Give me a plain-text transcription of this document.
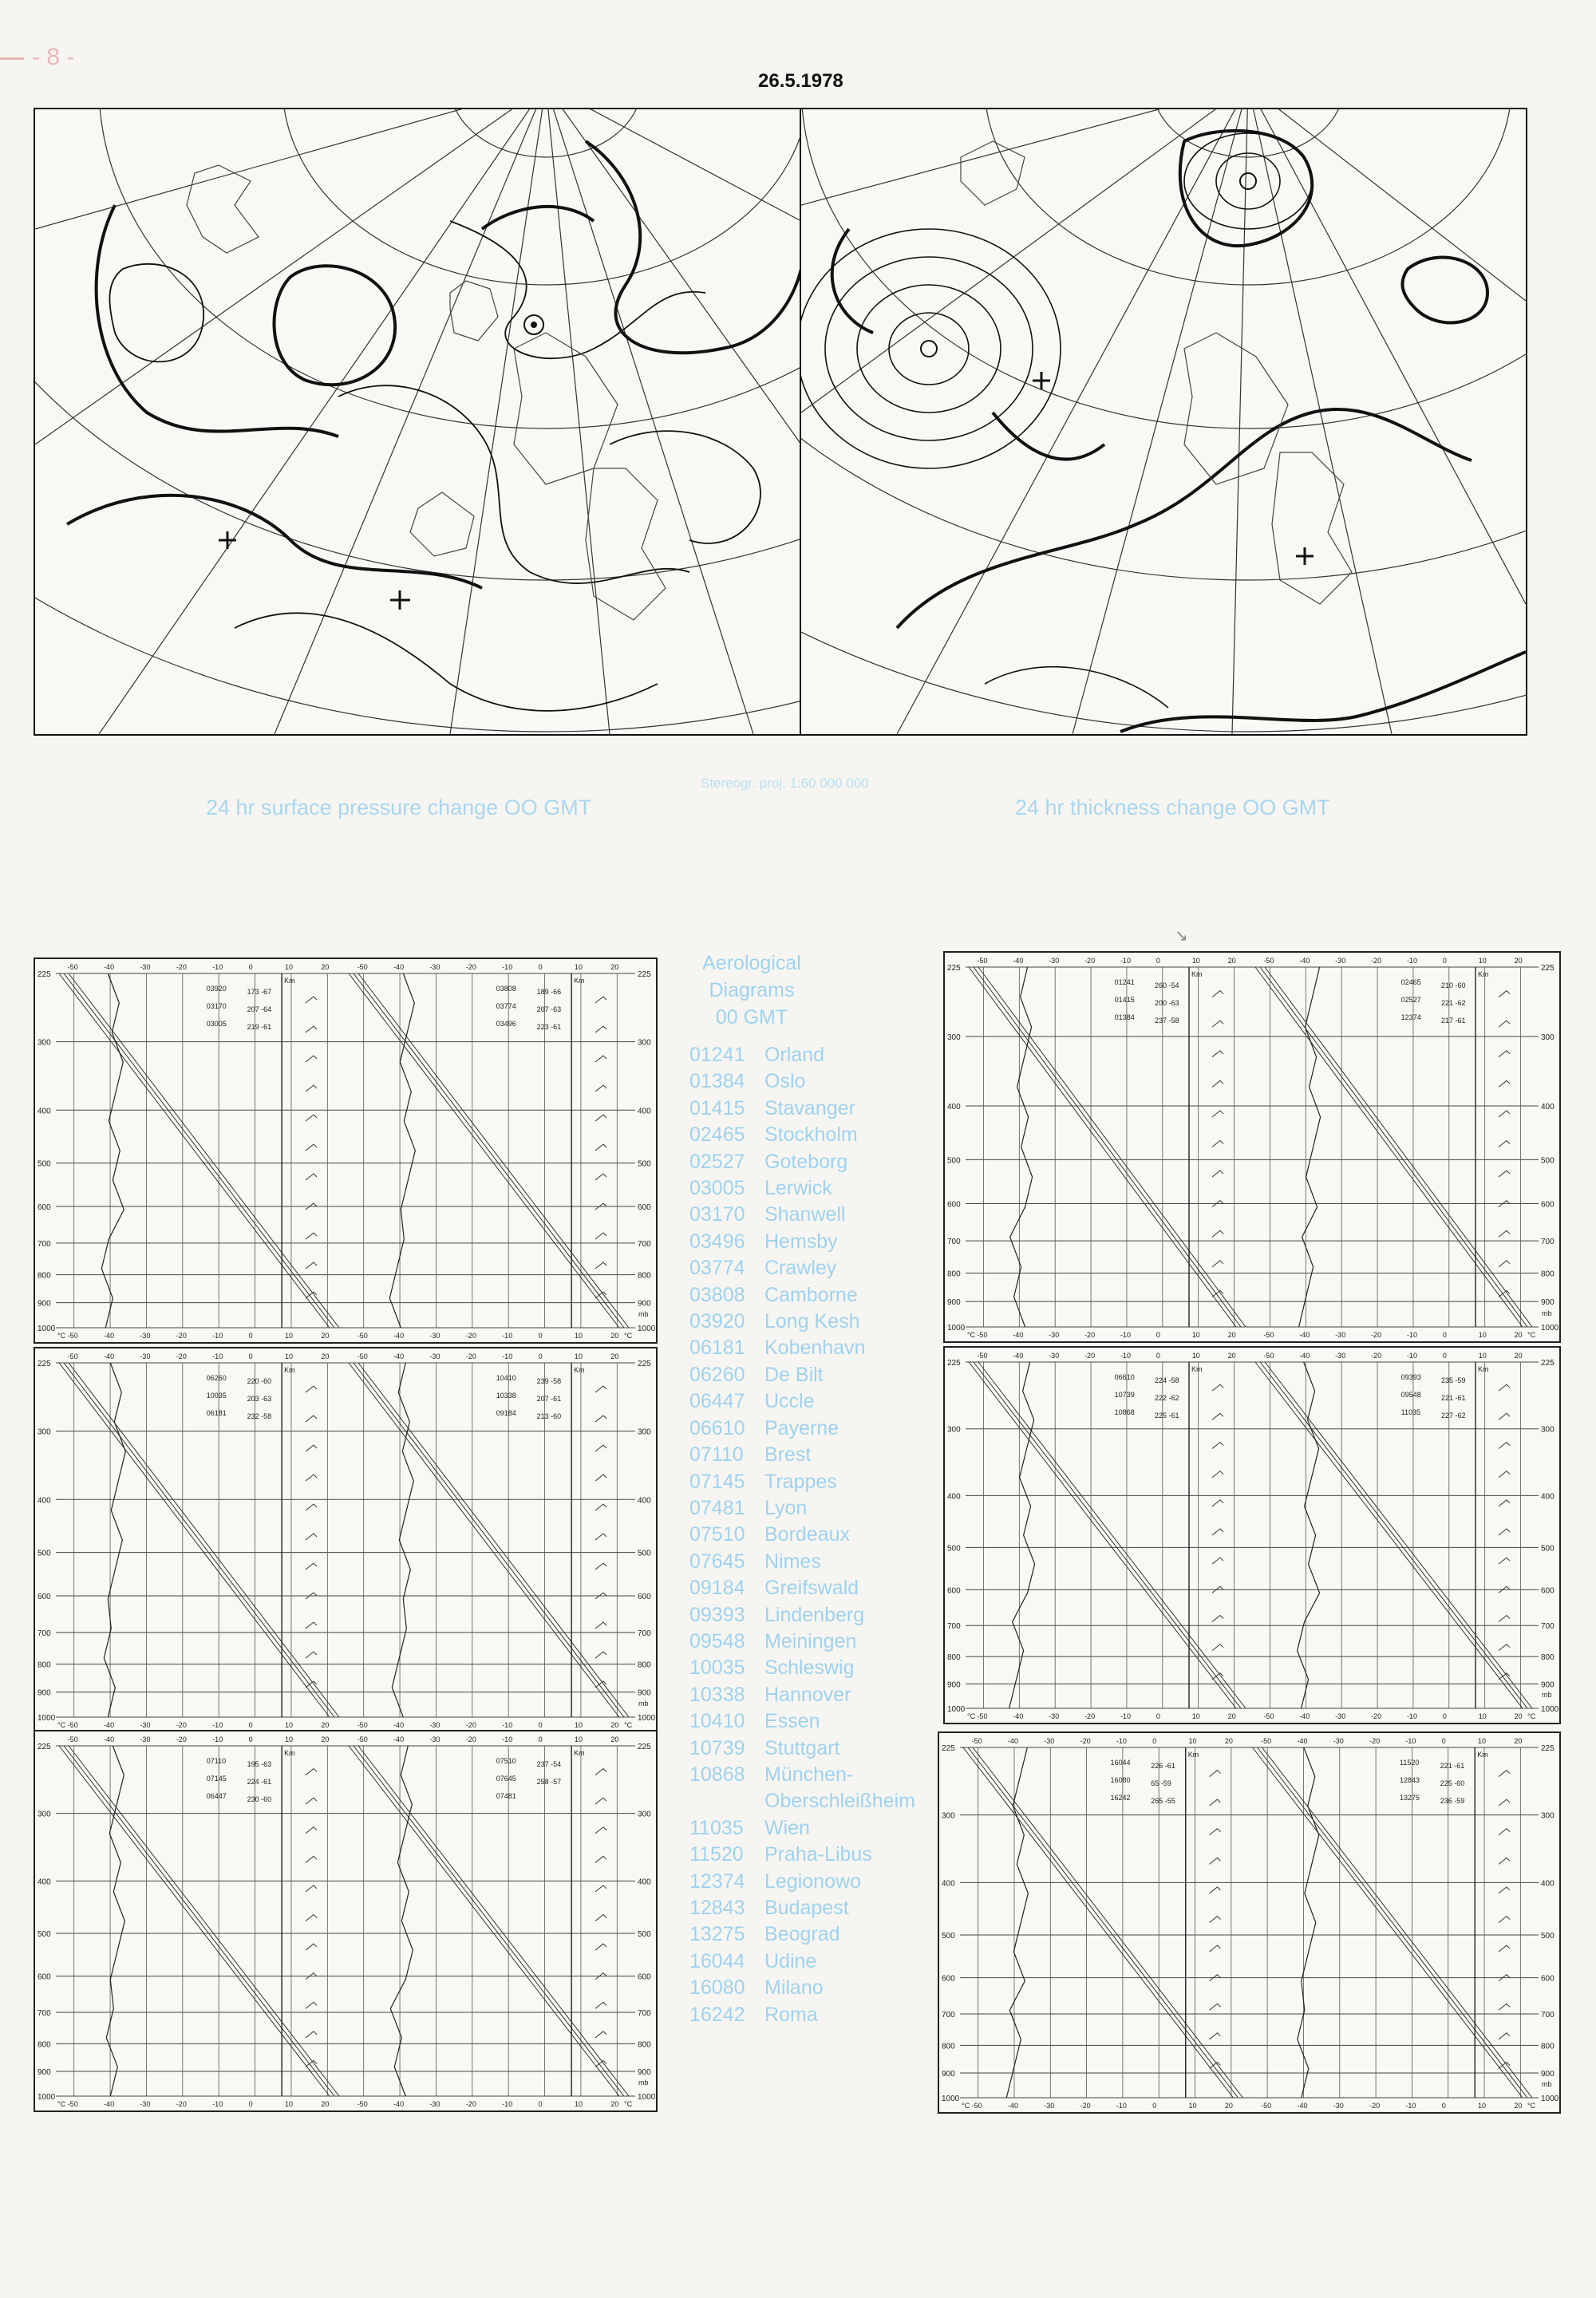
- 8 -
26.5.1978
Stereogr. proj. 1:60 000 000
24 hr surface pressure change OO GMT	24 hr thickness change OO GMT
↘
Aerological
Diagrams
00 GMT
01241 Orland
01384 Oslo
01415 Stavanger
02465 Stockholm
02527 Goteborg
03005 Lerwick
03170 Shanwell
03496 Hemsby
03774 Crawley
03808 Camborne
03920 Long Kesh
06181 Kobenhavn
06260 De Bilt
06447 Uccle
06610 Payerne
07110 Brest
07145 Trappes
07481 Lyon
07510 Bordeaux
07645 Nimes
09184 Greifswald
09393 Lindenberg
09548 Meiningen
10035 Schleswig
10338 Hannover
10410 Essen
10739 Stuttgart
10868 München-
Oberschleißheim
11035 Wien
11520 Praha-Libus
12374 Legionowo
12843 Budapest
13275 Beograd
16044 Udine
16080 Milano
16242 Roma
225	225
300	300
400	400
500	500
600	600
700	700
800	800
900	900
1000	1000
-50
-50
-40
-40
-30
-30
-20
-20
-10
-10
0
0
10
10
20
20
Km
03920	173 -67
03170	207 -64
03005	219 -61
-50
-50
-40
-40
-30
-30
-20
-20
-10
-10
0
0
10
10
20
20
Km
03808	189 -66
03774	207 -63
03496	223 -61
mb
°C
°C
225	225
300	300
400	400
500	500
600	600
700	700
800	800
900	900
1000	1000
-50
-50
-40
-40
-30
-30
-20
-20
-10
-10
0
0
10
10
20
20
Km
01241	260 -54
01415	200 -63
01384	237 -58
-50
-50
-40
-40
-30
-30
-20
-20
-10
-10
0
0
10
10
20
20
Km
02465	210 -60
02527	221 -62
12374	217 -61
mb
°C
°C
225	225
300	300
400	400
500	500
600	600
700	700
800	800
900	900
1000	1000
-50
-50
-40
-40
-30
-30
-20
-20
-10
-10
0
0
10
10
20
20
Km
06260	220 -60
10035	203 -63
06181	232 -58
-50
-50
-40
-40
-30
-30
-20
-20
-10
-10
0
0
10
10
20
20
Km
10410	239 -58
10338	207 -61
09184	213 -60
mb
°C
°C
225	225
300	300
400	400
500	500
600	600
700	700
800	800
900	900
1000	1000
-50
-50
-40
-40
-30
-30
-20
-20
-10
-10
0
0
10
10
20
20
Km
06610	224 -58
10739	222 -62
10868	225 -61
-50
-50
-40
-40
-30
-30
-20
-20
-10
-10
0
0
10
10
20
20
Km
09393	235 -59
09548	221 -61
11035	227 -62
mb
°C
°C
225	225
300	300
400	400
500	500
600	600
700	700
800	800
900	900
1000	1000
-50
-50
-40
-40
-30
-30
-20
-20
-10
-10
0
0
10
10
20
20
Km
07110	195 -63
07145	224 -61
06447	230 -60
-50
-50
-40
-40
-30
-30
-20
-20
-10
-10
0
0
10
10
20
20
Km
07510	237 -54
07645	258 -57
07481
mb
°C
°C
225	225
300	300
400	400
500	500
600	600
700	700
800	800
900	900
1000	1000
-50
-50
-40
-40
-30
-30
-20
-20
-10
-10
0
0
10
10
20
20
Km
16044	226 -61
16080	65 -59
16242	265 -55
-50
-50
-40
-40
-30
-30
-20
-20
-10
-10
0
0
10
10
20
20
Km
11520	221 -61
12843	225 -60
13275	236 -59
mb
°C
°C
